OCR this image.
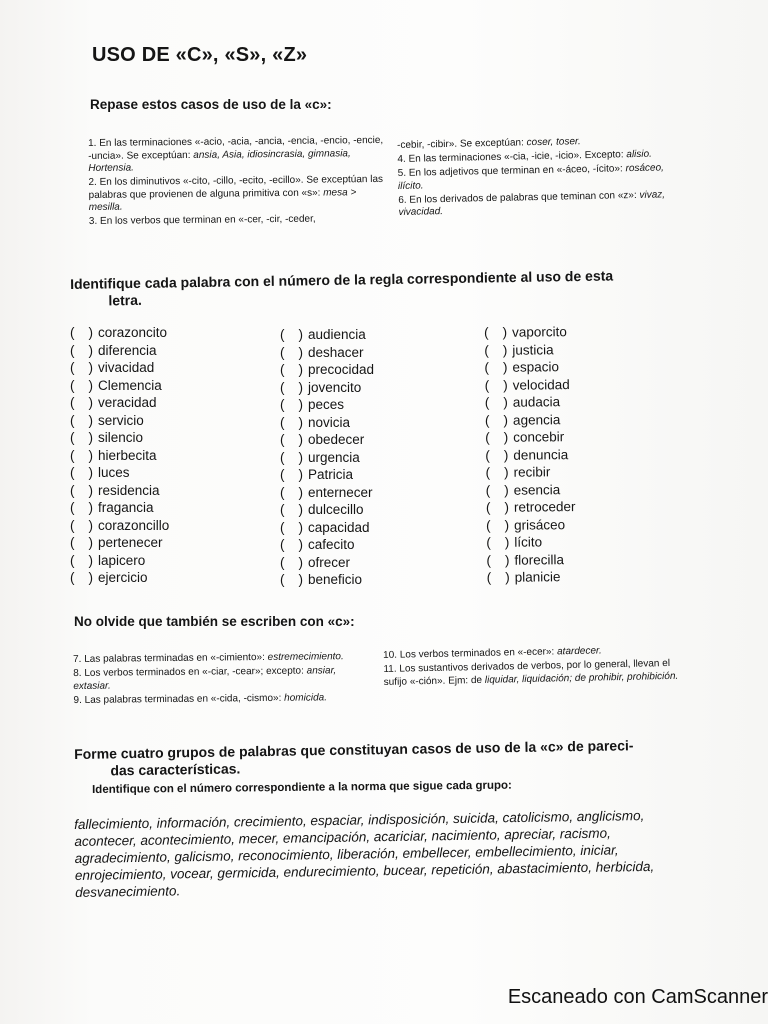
USO DE «C», «S», «Z»
Repase estos casos de uso de la «c»:

1. En las terminaciones «-acio, -acia, -ancia, -encia, -encio, -encie, -uncia». Se exceptúan: ansia, Asia, idiosincrasia, gimnasia, Hortensia.

2. En los diminutivos «-cito, -cillo, -ecito, -ecillo». Se exceptúan las palabras que provienen de alguna primitiva con «s»: mesa > mesilla.

3. En los verbos que terminan en «-cer, -cir, -ceder,

-cebir, -cibir». Se exceptúan: coser, toser.

4. En las terminaciones «-cia, -icie, -icio». Excepto: alisio.

5. En los adjetivos que terminan en «-áceo, -ícito»: rosáceo, ilícito.

6. En los derivados de palabras que teminan con «z»: vivaz, vivacidad.

Identifique cada palabra con el número de la regla correspondiente al uso de esta
letra.
( ) corazoncito
( ) diferencia
( ) vivacidad
( ) Clemencia
( ) veracidad
( ) servicio
( ) silencio
( ) hierbecita
( ) luces
( ) residencia
( ) fragancia
( ) corazoncillo
( ) pertenecer
( ) lapicero
( ) ejercicio
( ) audiencia
( ) deshacer
( ) precocidad
( ) jovencito
( ) peces
( ) novicia
( ) obedecer
( ) urgencia
( ) Patricia
( ) enternecer
( ) dulcecillo
( ) capacidad
( ) cafecito
( ) ofrecer
( ) beneficio
( ) vaporcito
( ) justicia
( ) espacio
( ) velocidad
( ) audacia
( ) agencia
( ) concebir
( ) denuncia
( ) recibir
( ) esencia
( ) retroceder
( ) grisáceo
( ) lícito
( ) florecilla
( ) planicie
No olvide que también se escriben con «c»:

7. Las palabras terminadas en «-cimiento»: estremecimiento.

8. Los verbos terminados en «-ciar, -cear»; excepto: ansiar, extasiar.

9. Las palabras terminadas en «-cida, -cismo»: homicida.

10. Los verbos terminados en «-ecer»: atardecer.

11. Los sustantivos derivados de verbos, por lo general, llevan el sufijo «-ción». Ejm: de liquidar, liquidación; de prohibir, prohibición.

Forme cuatro grupos de palabras que constituyan casos de uso de la «c» de pareci-
das características.
Identifique con el número correspondiente a la norma que sigue cada grupo:
fallecimiento, información, crecimiento, espaciar, indisposición, suicida, catolicismo, anglicismo, acontecer, acontecimiento, mecer, emancipación, acariciar, nacimiento, apreciar, racismo, agradecimiento, galicismo, reconocimiento, liberación, embellecer, embellecimiento, iniciar, enrojecimiento, vocear, germicida, endurecimiento, bucear, repetición, abastacimiento, herbicida, desvanecimiento.
Escaneado con CamScanner
